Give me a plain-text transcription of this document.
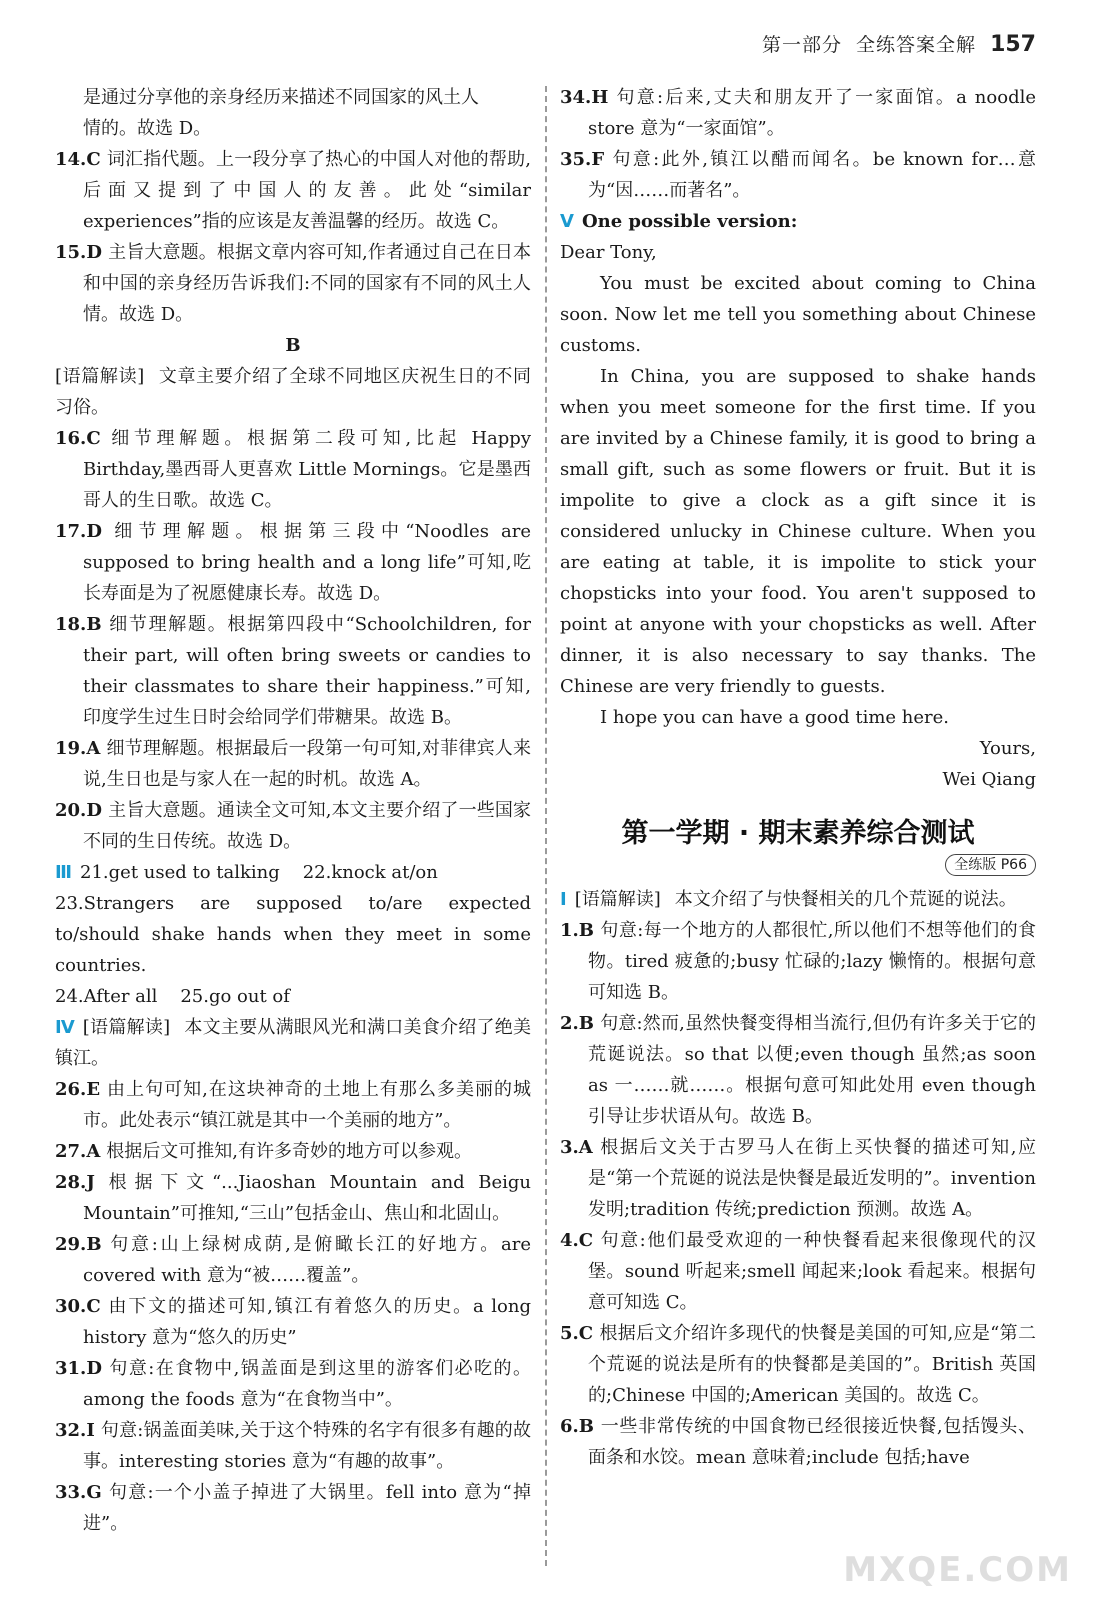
第一部分 全练答案全解 157

是通过分享他的亲身经历来描述不同国家的风土人

情的。故选 D。

14.C 词汇指代题。上一段分享了热心的中国人对他的帮助,后面又提到了中国人的友善。此处“similar experiences”指的应该是友善温馨的经历。故选 C。

15.D 主旨大意题。根据文章内容可知,作者通过自己在日本和中国的亲身经历告诉我们:不同的国家有不同的风土人情。故选 D。

B

[语篇解读] 文章主要介绍了全球不同地区庆祝生日的不同习俗。

16.C 细节理解题。根据第二段可知,比起 Happy Birthday,墨西哥人更喜欢 Little Mornings。它是墨西哥人的生日歌。故选 C。

17.D 细节理解题。根据第三段中“Noodles are supposed to bring health and a long life”可知,吃长寿面是为了祝愿健康长寿。故选 D。

18.B 细节理解题。根据第四段中“Schoolchildren, for their part, will often bring sweets or candies to their classmates to share their happiness.”可知,印度学生过生日时会给同学们带糖果。故选 B。

19.A 细节理解题。根据最后一段第一句可知,对菲律宾人来说,生日也是与家人在一起的时机。故选 A。

20.D 主旨大意题。通读全文可知,本文主要介绍了一些国家不同的生日传统。故选 D。

Ⅲ 21.get used to talking 22.knock at/on

23.Strangers are supposed to/are expected to/should shake hands when they meet in some countries.

24.After all 25.go out of

Ⅳ [语篇解读] 本文主要从满眼风光和满口美食介绍了绝美镇江。

26.E 由上句可知,在这块神奇的土地上有那么多美丽的城市。此处表示“镇江就是其中一个美丽的地方”。

27.A 根据后文可推知,有许多奇妙的地方可以参观。

28.J 根据下文“...Jiaoshan Mountain and Beigu Mountain”可推知,“三山”包括金山、焦山和北固山。

29.B 句意:山上绿树成荫,是俯瞰长江的好地方。are covered with 意为“被……覆盖”。

30.C 由下文的描述可知,镇江有着悠久的历史。a long history 意为“悠久的历史”

31.D 句意:在食物中,锅盖面是到这里的游客们必吃的。among the foods 意为“在食物当中”。

32.I 句意:锅盖面美味,关于这个特殊的名字有很多有趣的故事。interesting stories 意为“有趣的故事”。

33.G 句意:一个小盖子掉进了大锅里。fell into 意为“掉进”。

34.H 句意:后来,丈夫和朋友开了一家面馆。a noodle store 意为“一家面馆”。

35.F 句意:此外,镇江以醋而闻名。be known for…意为“因……而著名”。

Ⅴ One possible version:

Dear Tony,

You must be excited about coming to China soon. Now let me tell you something about Chinese customs.

In China, you are supposed to shake hands when you meet someone for the first time. If you are invited by a Chinese family, it is good to bring a small gift, such as some flowers or fruit. But it is impolite to give a clock as a gift since it is considered unlucky in Chinese culture. When you are eating at table, it is impolite to stick your chopsticks into your food. You aren't supposed to point at anyone with your chopsticks as well. After dinner, it is also necessary to say thanks. The Chinese are very friendly to guests.

I hope you can have a good time here.

Yours,

Wei Qiang

第一学期 · 期末素养综合测试
全练版 P66

Ⅰ [语篇解读] 本文介绍了与快餐相关的几个荒诞的说法。

1.B 句意:每一个地方的人都很忙,所以他们不想等他们的食物。tired 疲惫的;busy 忙碌的;lazy 懒惰的。根据句意可知选 B。

2.B 句意:然而,虽然快餐变得相当流行,但仍有许多关于它的荒诞说法。so that 以便;even though 虽然;as soon as 一……就……。根据句意可知此处用 even though 引导让步状语从句。故选 B。

3.A 根据后文关于古罗马人在街上买快餐的描述可知,应是“第一个荒诞的说法是快餐是最近发明的”。invention 发明;tradition 传统;prediction 预测。故选 A。

4.C 句意:他们最受欢迎的一种快餐看起来很像现代的汉堡。sound 听起来;smell 闻起来;look 看起来。根据句意可知选 C。

5.C 根据后文介绍许多现代的快餐是美国的可知,应是“第二个荒诞的说法是所有的快餐都是美国的”。British 英国的;Chinese 中国的;American 美国的。故选 C。

6.B 一些非常传统的中国食物已经很接近快餐,包括馒头、面条和水饺。mean 意味着;include 包括;have

MXQE.COM
